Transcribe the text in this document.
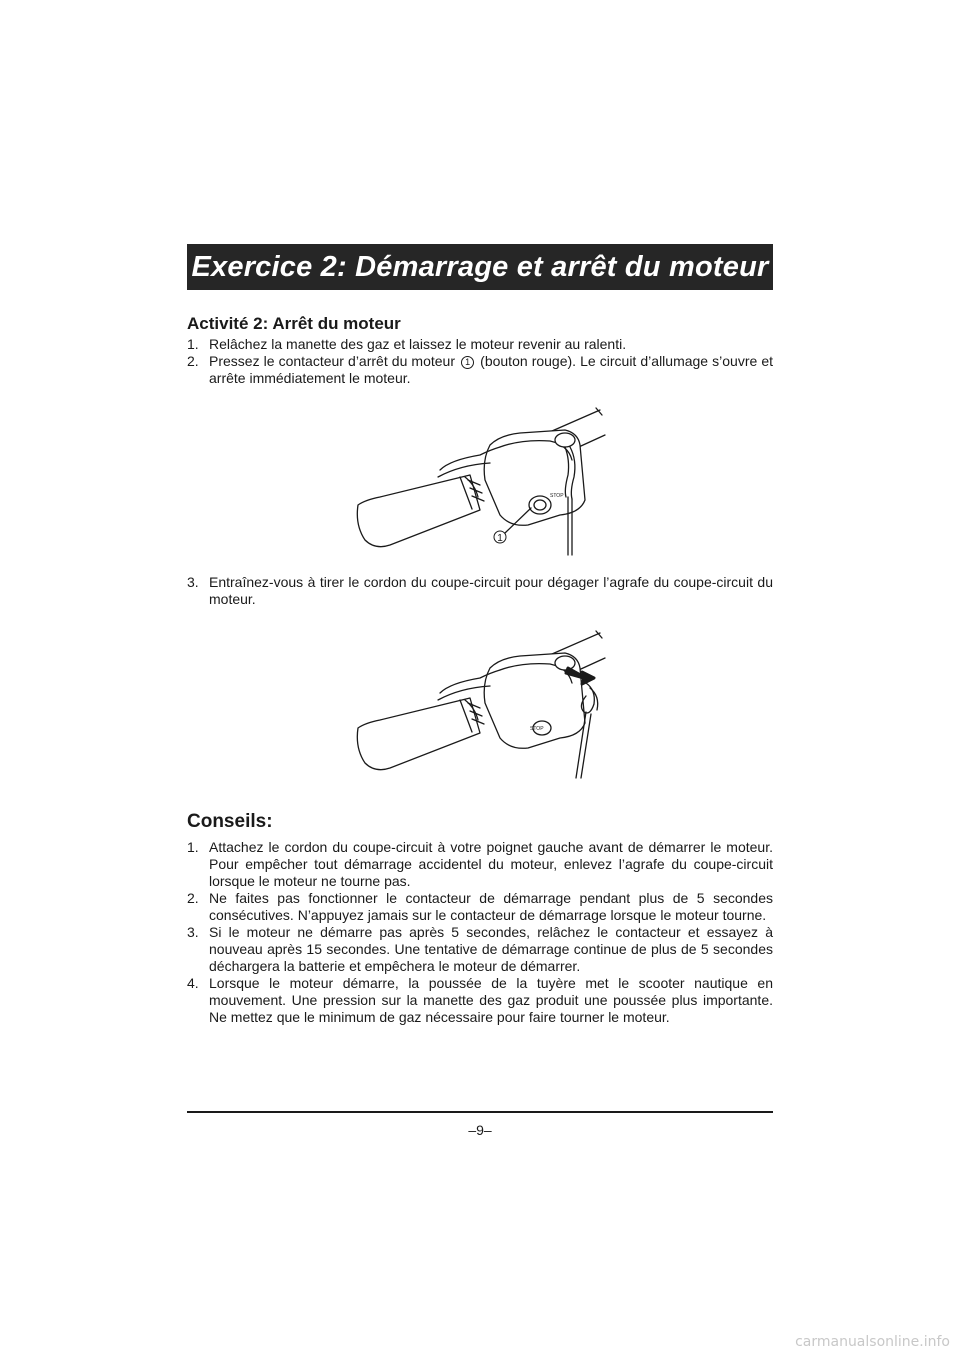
Exercice 2: Démarrage et arrêt du moteur
Activité 2: Arrêt du moteur
1. Relâchez la manette des gaz et laissez le moteur revenir au ralenti.
2. Pressez le contacteur d’arrêt du moteur 1 (bouton rouge). Le circuit d’allumage s’ouvre et arrête immédiatement le moteur.
STOP
1
3. Entraînez-vous à tirer le cordon du coupe-circuit pour dégager l’agrafe du coupe-circuit du moteur.
STOP
Conseils:
1. Attachez le cordon du coupe-circuit à votre poignet gauche avant de démarrer le moteur. Pour empêcher tout démarrage accidentel du moteur, enlevez l’agrafe du coupe-circuit lorsque le moteur ne tourne pas.
2. Ne faites pas fonctionner le contacteur de démarrage pendant plus de 5 secondes consécutives. N’appuyez jamais sur le contacteur de démarrage lorsque le moteur tourne.
3. Si le moteur ne démarre pas après 5 secondes, relâchez le contacteur et essayez à nouveau après 15 secondes. Une tentative de démarrage continue de plus de 5 secondes déchargera la batterie et empêchera le moteur de démarrer.
4. Lorsque le moteur démarre, la poussée de la tuyère met le scooter nautique en mouvement. Une pression sur la manette des gaz produit une poussée plus importante. Ne mettez que le minimum de gaz nécessaire pour faire tourner le moteur.
–9–
carmanualsonline.info
